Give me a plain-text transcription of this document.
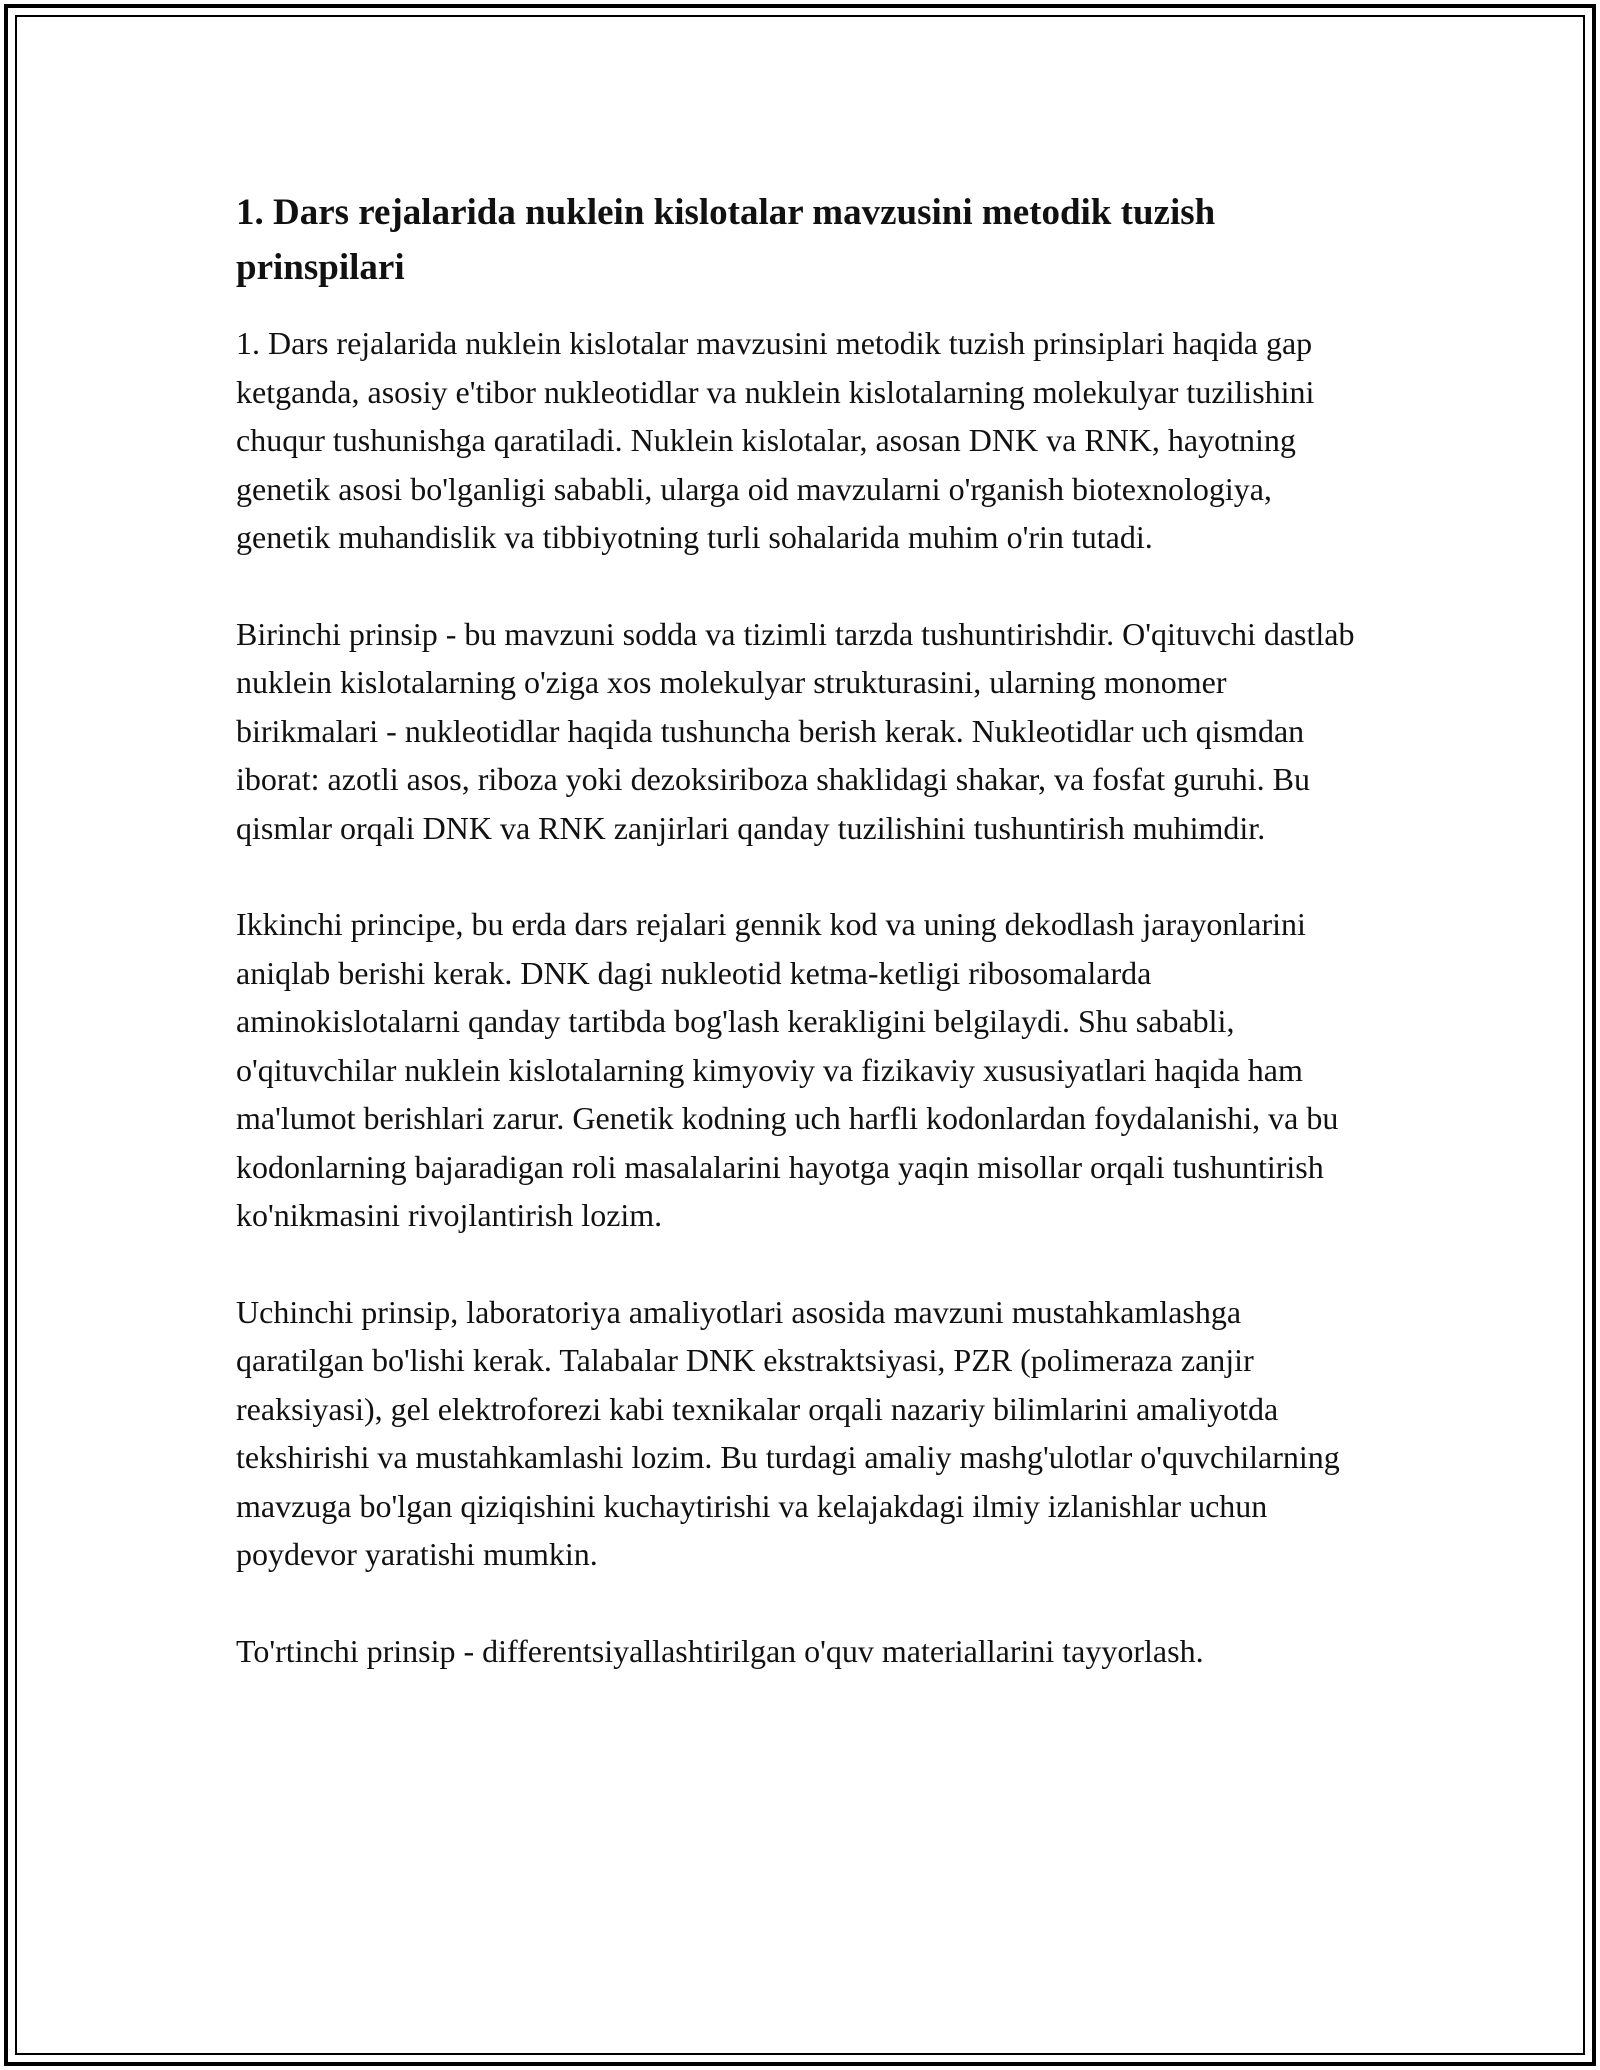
1. Dars rejalarida nuklein kislotalar mavzusini metodik tuzish prinspilari

1. Dars rejalarida nuklein kislotalar mavzusini metodik tuzish prinsiplari haqida gap ketganda, asosiy e'tibor nukleotidlar va nuklein kislotalarning molekulyar tuzilishini chuqur tushunishga qaratiladi. Nuklein kislotalar, asosan DNK va RNK, hayotning genetik asosi bo'lganligi sababli, ularga oid mavzularni o'rganish biotexnologiya, genetik muhandislik va tibbiyotning turli sohalarida muhim o'rin tutadi.

Birinchi prinsip - bu mavzuni sodda va tizimli tarzda tushuntirishdir. O'qituvchi dastlab nuklein kislotalarning o'ziga xos molekulyar strukturasini, ularning monomer birikmalari - nukleotidlar haqida tushuncha berish kerak. Nukleotidlar uch qismdan iborat: azotli asos, riboza yoki dezoksiriboza shaklidagi shakar, va fosfat guruhi. Bu qismlar orqali DNK va RNK zanjirlari qanday tuzilishini tushuntirish muhimdir.

Ikkinchi principe, bu erda dars rejalari gennik kod va uning dekodlash jarayonlarini aniqlab berishi kerak. DNK dagi nukleotid ketma-ketligi ribosomalarda aminokislotalarni qanday tartibda bog'lash kerakligini belgilaydi. Shu sababli, o'qituvchilar nuklein kislotalarning kimyoviy va fizikaviy xususiyatlari haqida ham ma'lumot berishlari zarur. Genetik kodning uch harfli kodonlardan foydalanishi, va bu kodonlarning bajaradigan roli masalalarini hayotga yaqin misollar orqali tushuntirish ko'nikmasini rivojlantirish lozim.

Uchinchi prinsip, laboratoriya amaliyotlari asosida mavzuni mustahkamlashga qaratilgan bo'lishi kerak. Talabalar DNK ekstraktsiyasi, PZR (polimeraza zanjir reaksiyasi), gel elektroforezi kabi texnikalar orqali nazariy bilimlarini amaliyotda tekshirishi va mustahkamlashi lozim. Bu turdagi amaliy mashg'ulotlar o'quvchilarning mavzuga bo'lgan qiziqishini kuchaytirishi va kelajakdagi ilmiy izlanishlar uchun poydevor yaratishi mumkin.

To'rtinchi prinsip - differentsiyallashtirilgan o'quv materiallarini tayyorlash.
